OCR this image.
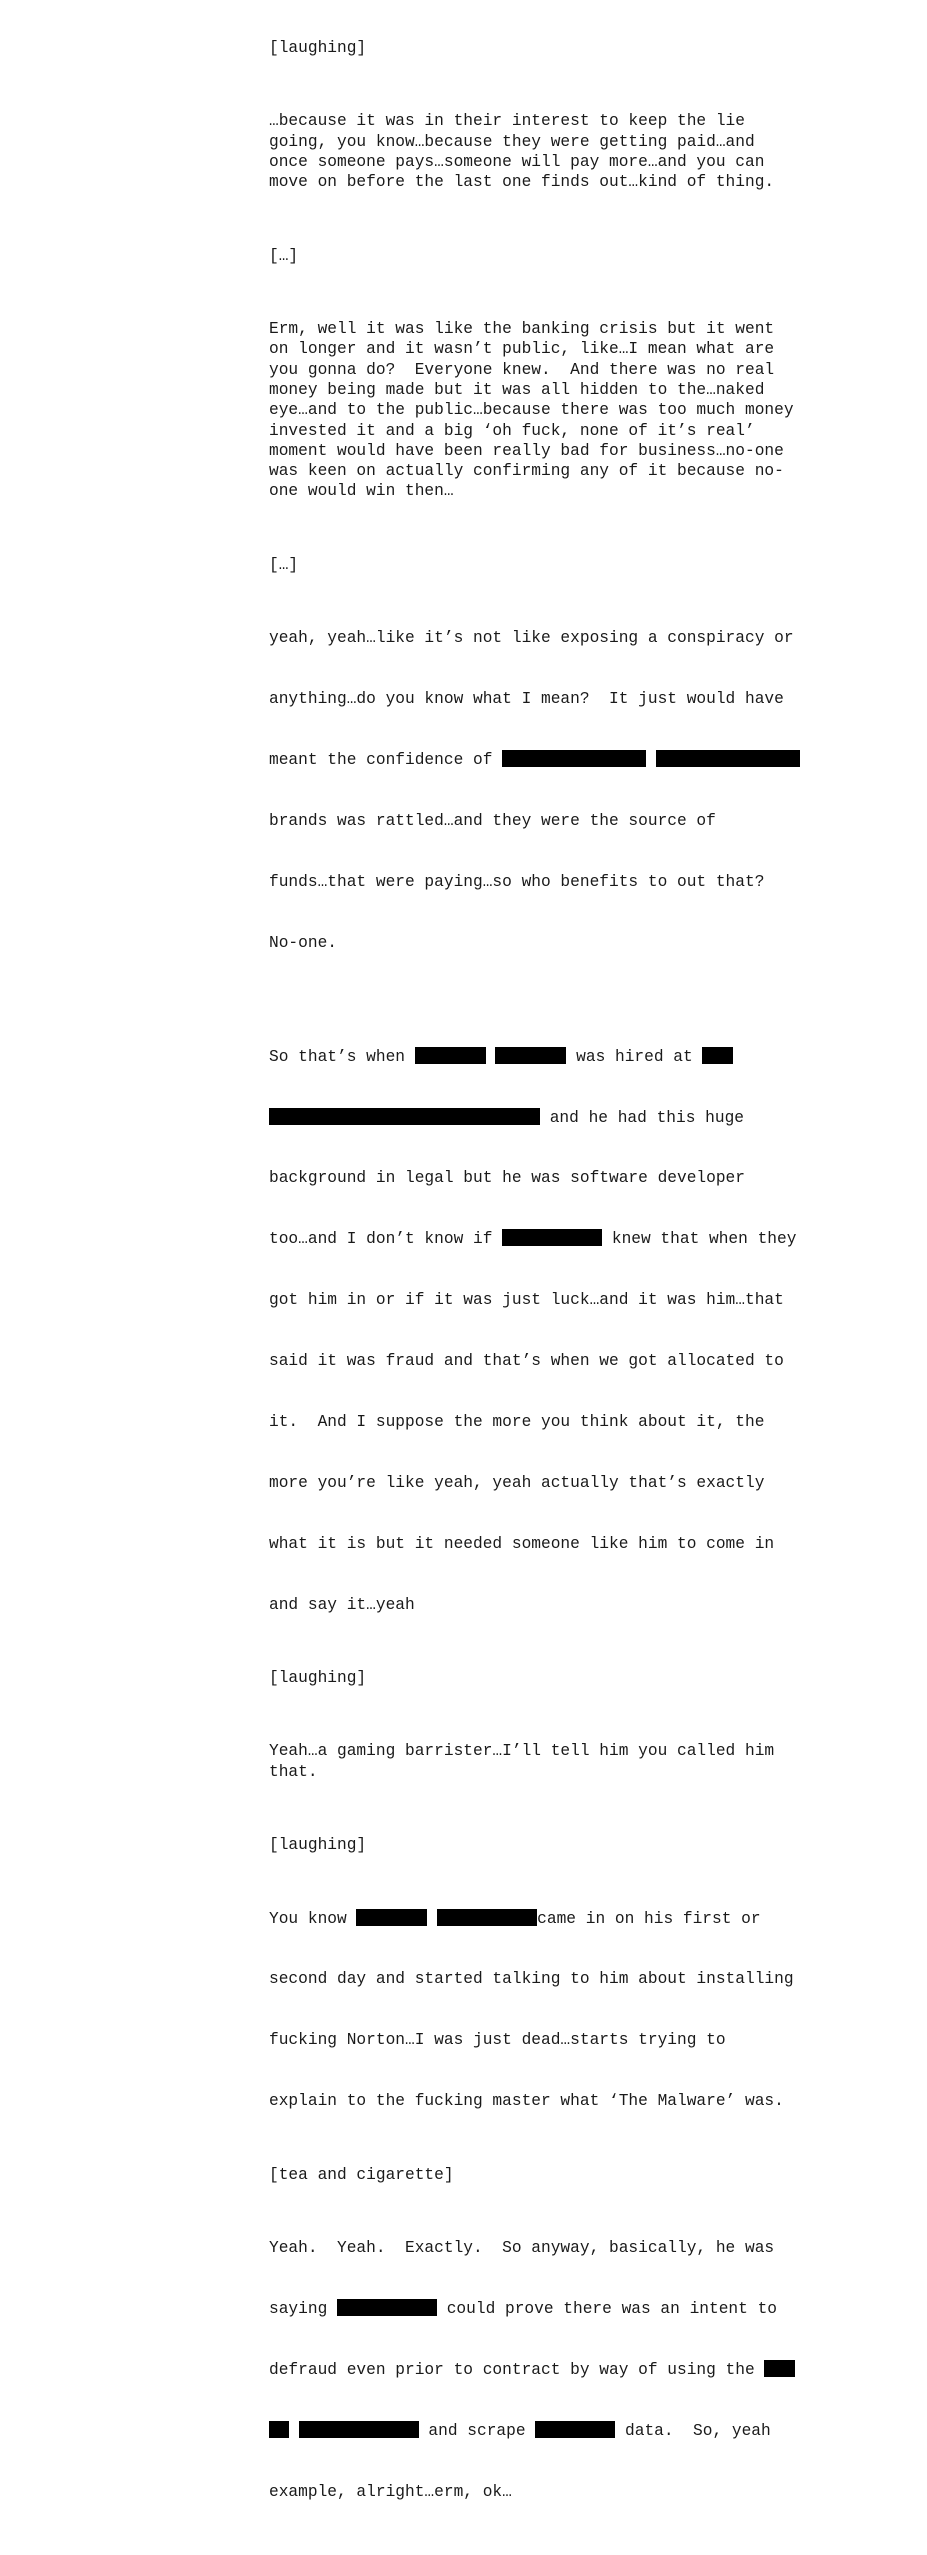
[laughing]

…because it was in their interest to keep the lie
going, you know…because they were getting paid…and
once someone pays…someone will pay more…and you can
move on before the last one finds out…kind of thing.

[…]

Erm, well it was like the banking crisis but it went
on longer and it wasn’t public, like…I mean what are
you gonna do?  Everyone knew.  And there was no real
money being made but it was all hidden to the…naked
eye…and to the public…because there was too much money
invested it and a big ‘oh fuck, none of it’s real’
moment would have been really bad for business…no-one
was keen on actually confirming any of it because no-
one would win then…

[…]

yeah, yeah…like it’s not like exposing a conspiracy or

anything…do you know what I mean?  It just would have

meant the confidence of

brands was rattled…and they were the source of

funds…that were paying…so who benefits to out that?

No-one.

So that’s when	was hired at

and he had this huge

background in legal but he was software developer

too…and I don’t know if	knew that when they

got him in or if it was just luck…and it was him…that

said it was fraud and that’s when we got allocated to

it.  And I suppose the more you think about it, the

more you’re like yeah, yeah actually that’s exactly

what it is but it needed someone like him to come in

and say it…yeah

[laughing]

Yeah…a gaming barrister…I’ll tell him you called him
that.

[laughing]

You know	came in on his first or

second day and started talking to him about installing

fucking Norton…I was just dead…starts trying to

explain to the fucking master what ‘The Malware’ was.

[tea and cigarette]

Yeah.  Yeah.  Exactly.  So anyway, basically, he was

saying	could prove there was an intent to

defraud even prior to contract by way of using the

and scrape	data.  So, yeah

example, alright…erm, ok…
